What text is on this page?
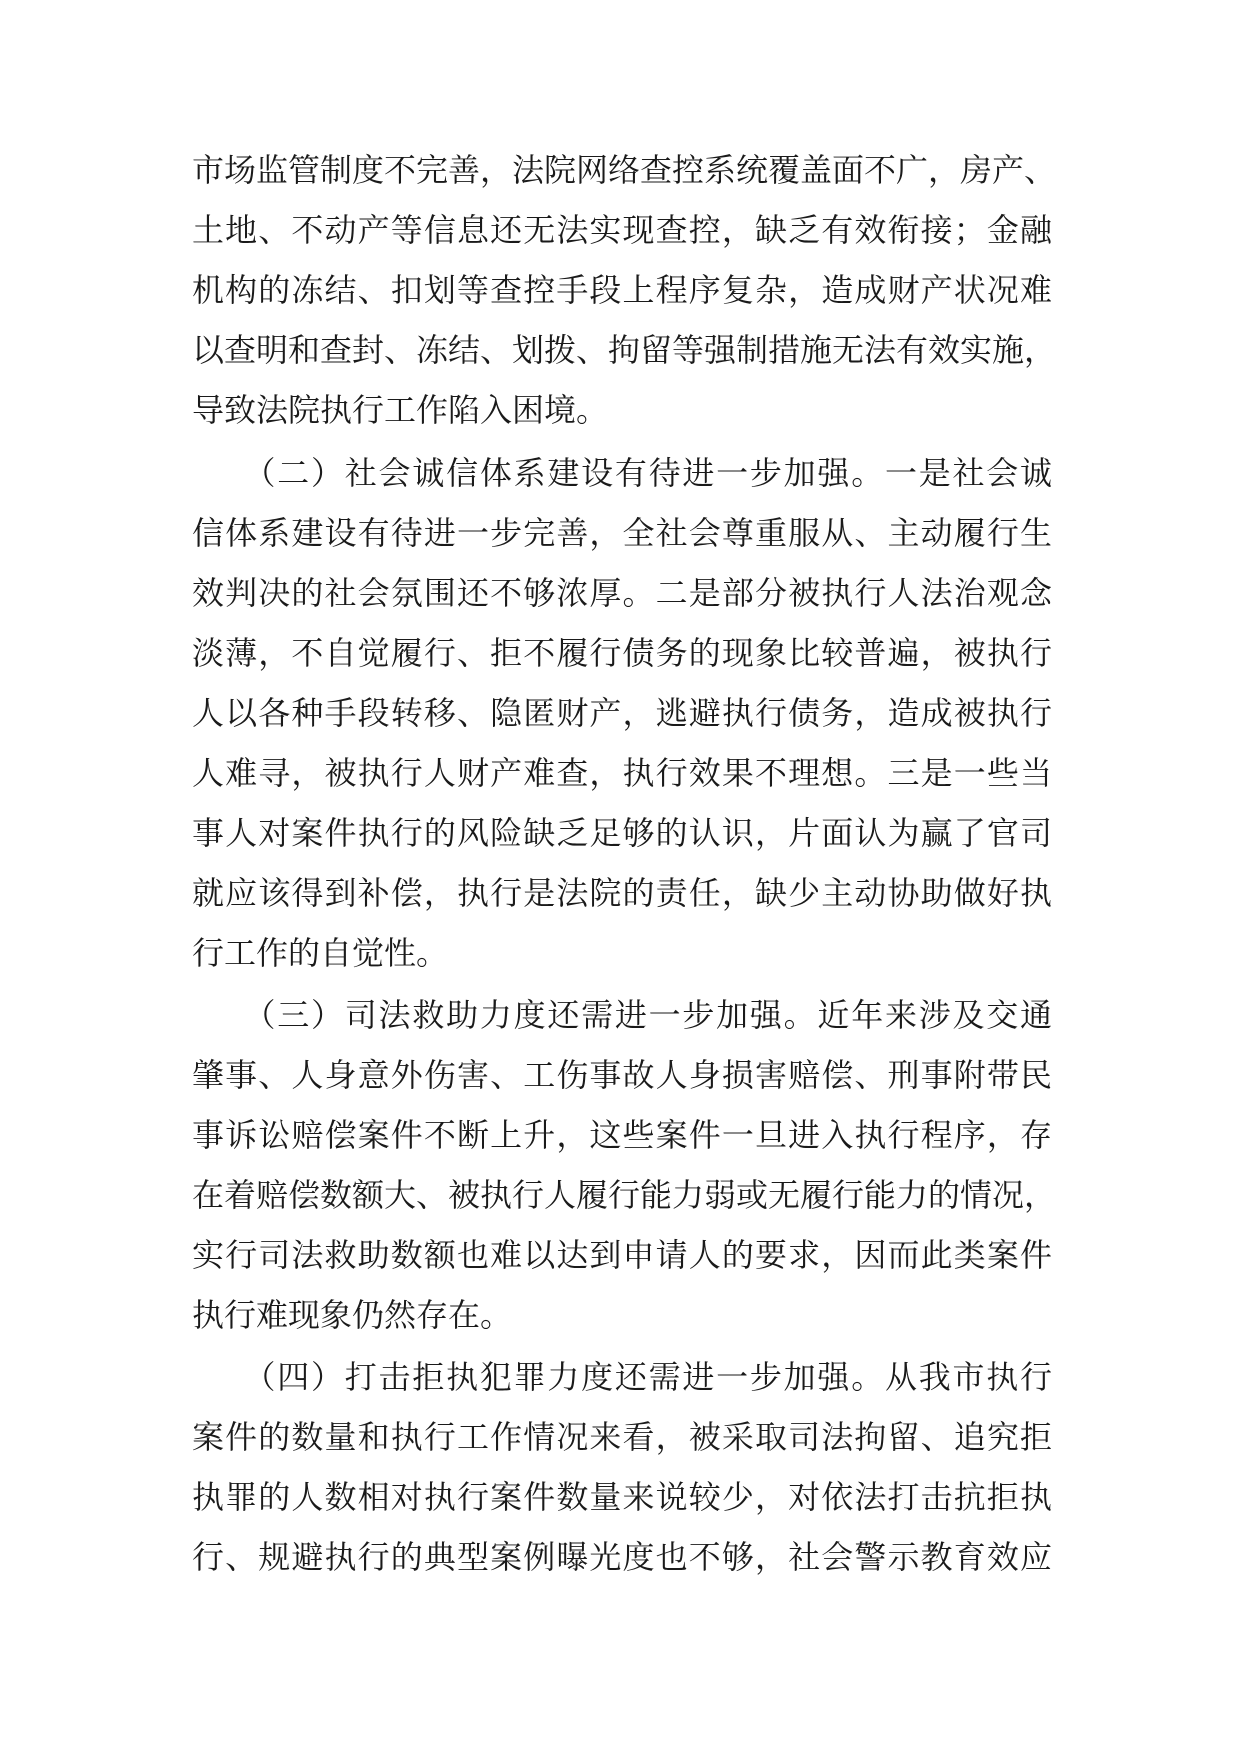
市场监管制度不完善，法院网络查控系统覆盖面不广，房产、
土地、不动产等信息还无法实现查控，缺乏有效衔接；金融
机构的冻结、扣划等查控手段上程序复杂，造成财产状况难
以查明和查封、冻结、划拨、拘留等强制措施无法有效实施，
导致法院执行工作陷入困境。
　　（二）社会诚信体系建设有待进一步加强。一是社会诚
信体系建设有待进一步完善，全社会尊重服从、主动履行生
效判决的社会氛围还不够浓厚。二是部分被执行人法治观念
淡薄，不自觉履行、拒不履行债务的现象比较普遍，被执行
人以各种手段转移、隐匿财产，逃避执行债务，造成被执行
人难寻，被执行人财产难查，执行效果不理想。三是一些当
事人对案件执行的风险缺乏足够的认识，片面认为赢了官司
就应该得到补偿，执行是法院的责任，缺少主动协助做好执
行工作的自觉性。
　　（三）司法救助力度还需进一步加强。近年来涉及交通
肇事、人身意外伤害、工伤事故人身损害赔偿、刑事附带民
事诉讼赔偿案件不断上升，这些案件一旦进入执行程序，存
在着赔偿数额大、被执行人履行能力弱或无履行能力的情况，
实行司法救助数额也难以达到申请人的要求，因而此类案件
执行难现象仍然存在。
　　（四）打击拒执犯罪力度还需进一步加强。从我市执行
案件的数量和执行工作情况来看，被采取司法拘留、追究拒
执罪的人数相对执行案件数量来说较少，对依法打击抗拒执
行、规避执行的典型案例曝光度也不够，社会警示教育效应
